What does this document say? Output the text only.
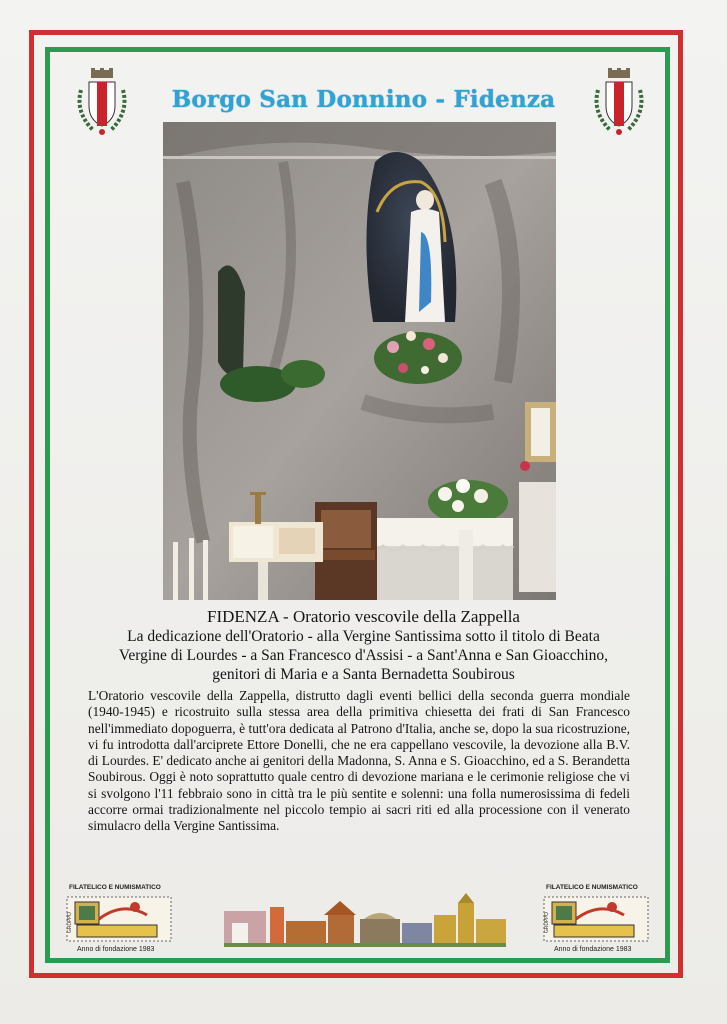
Borgo San Donnino - Fidenza
FIDENZA - Oratorio vescovile della Zappella
La dedicazione dell'Oratorio - alla Vergine Santissima sotto il titolo di Beata
Vergine di Lourdes - a San Francesco d'Assisi - a Sant'Anna e San Gioacchino,
genitori di Maria e a Santa Bernadetta Soubirous
L'Oratorio vescovile della Zappella, distrutto dagli eventi bellici della seconda guerra mondiale (1940-1945) e ricostruito sulla stessa area della primitiva chiesetta dei frati di San Francesco nell'immediato dopoguerra, è tutt'ora dedicata al Patrono d'Italia, anche se, dopo la sua ricostruzione, vi fu introdotta dall'arciprete Ettore Donelli, che ne era cappellano vescovile, la devozione alla B.V. di Lourdes. E' dedicato anche ai genitori della Madonna, S. Anna e S. Gioacchino, ed a S. Berandetta Soubirous. Oggi è noto soprattutto quale centro di devozione mariana e le cerimonie religiose che vi si svolgono l'11 febbraio sono in città tra le più sentite e solenni: una folla numerosissima di fedeli accorre ormai tradizionalmente nel piccolo tempio ai sacri riti ed alla processione con il venerato simulacro della Vergine Santissima.
FILATELICO E NUMISMATICO
GRUPPO
Anno di fondazione 1983
FILATELICO E NUMISMATICO
GRUPPO
Anno di fondazione 1983
